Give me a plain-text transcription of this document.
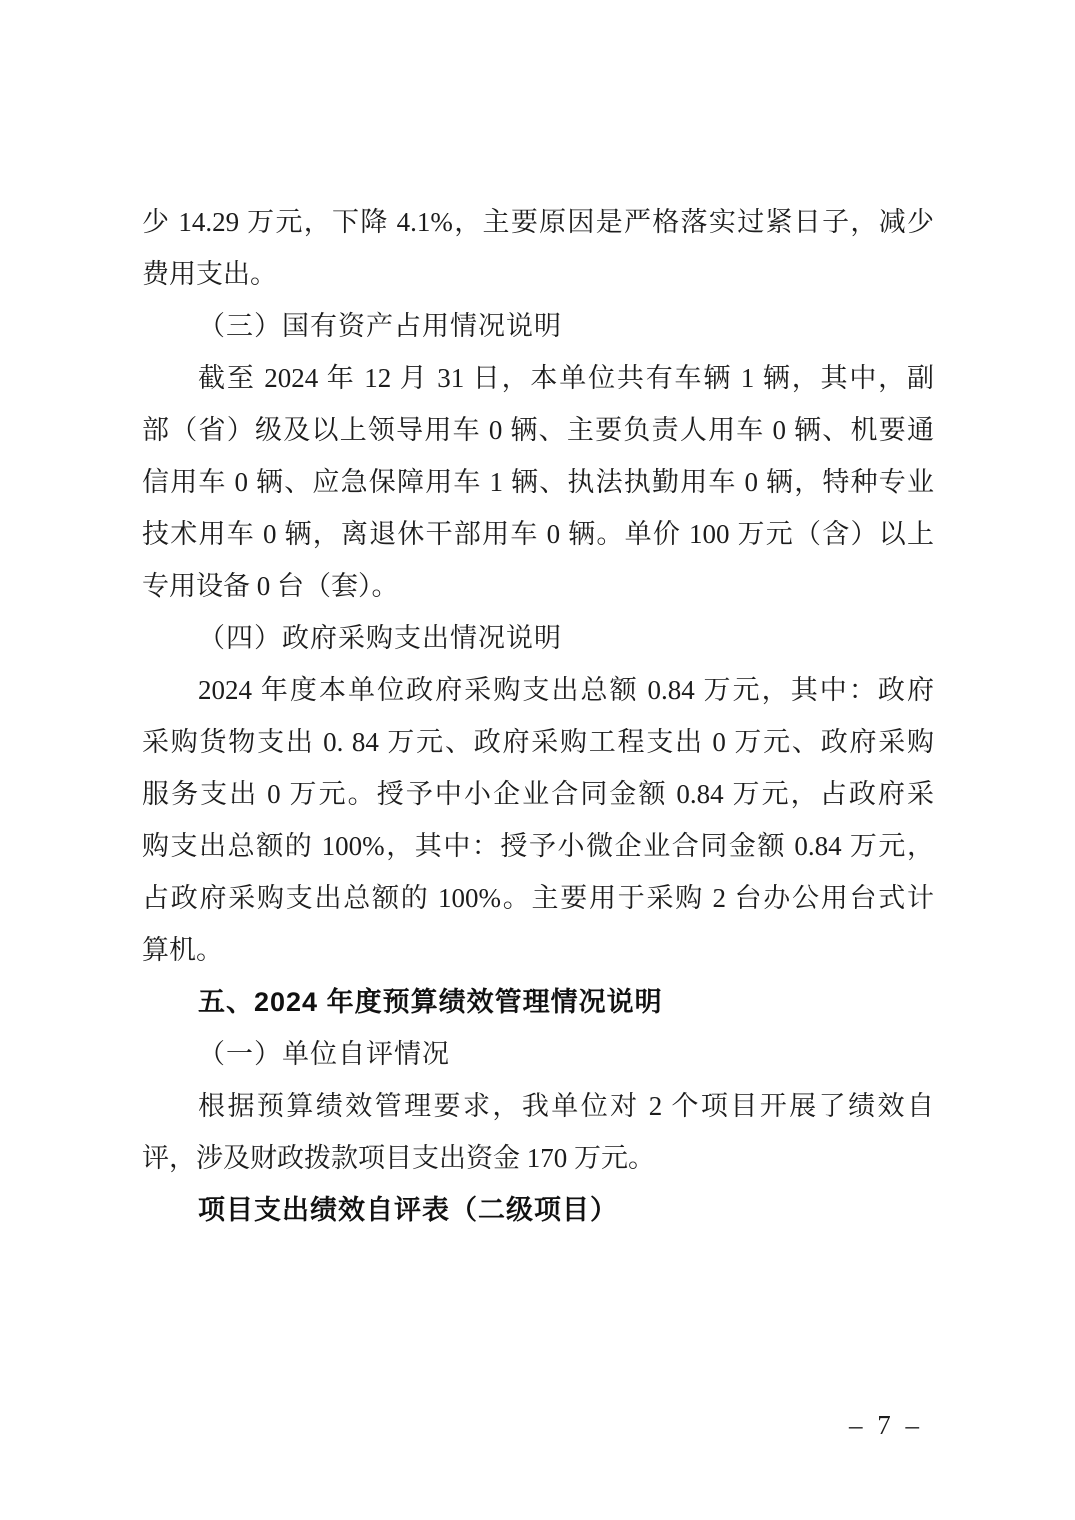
少 14.29 万元，下降 4.1%，主要原因是严格落实过紧日子，减少
费用支出。
（三）国有资产占用情况说明
截至 2024 年 12 月 31 日，本单位共有车辆 1 辆，其中，副
部（省）级及以上领导用车 0 辆、主要负责人用车 0 辆、机要通
信用车 0 辆、应急保障用车 1 辆、执法执勤用车 0 辆，特种专业
技术用车 0 辆，离退休干部用车 0 辆。单价 100 万元（含）以上
专用设备 0 台（套）。
（四）政府采购支出情况说明
2024 年度本单位政府采购支出总额 0.84 万元，其中：政府
采购货物支出 0. 84 万元、政府采购工程支出 0 万元、政府采购
服务支出 0 万元。授予中小企业合同金额 0.84 万元，占政府采
购支出总额的 100%，其中：授予小微企业合同金额 0.84 万元，
占政府采购支出总额的 100%。主要用于采购 2 台办公用台式计
算机。
五、2024 年度预算绩效管理情况说明
（一）单位自评情况
根据预算绩效管理要求，我单位对 2 个项目开展了绩效自
评，涉及财政拨款项目支出资金 170 万元。
项目支出绩效自评表（二级项目）
– 7 –
